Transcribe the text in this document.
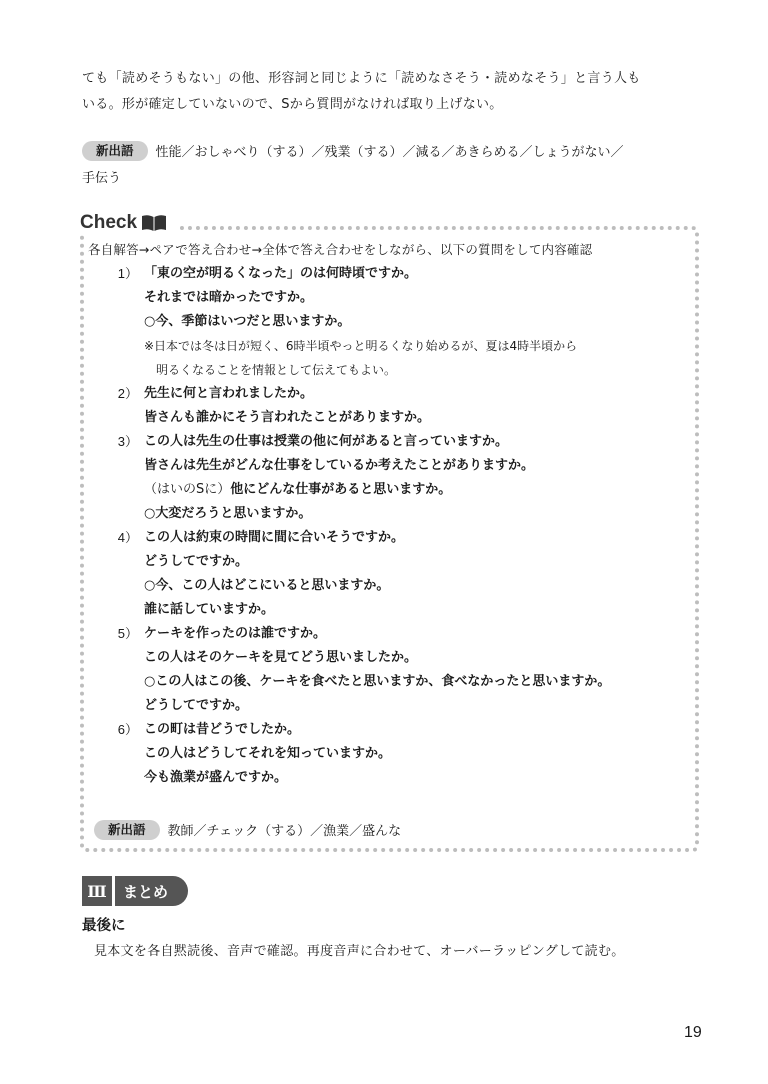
ても「読めそうもない」の他、形容詞と同じように「読めなさそう・読めなそう」と言う人も
いる。形が確定していないので、Sから質問がなければ取り上げない。
新出語 性能／おしゃべり（する）／残業（する）／減る／あきらめる／しょうがない／
手伝う
Check
各自解答→ペアで答え合わせ→全体で答え合わせをしながら、以下の質問をして内容確認
1） 「東の空が明るくなった」のは何時頃ですか。
それまでは暗かったですか。
○今、季節はいつだと思いますか。
※日本では冬は日が短く、6時半頃やっと明るくなり始めるが、夏は4時半頃から
明るくなることを情報として伝えてもよい。
2） 先生に何と言われましたか。
皆さんも誰かにそう言われたことがありますか。
3） この人は先生の仕事は授業の他に何があると言っていますか。
皆さんは先生がどんな仕事をしているか考えたことがありますか。
（はいのSに）他にどんな仕事があると思いますか。
○大変だろうと思いますか。
4） この人は約束の時間に間に合いそうですか。
どうしてですか。
○今、この人はどこにいると思いますか。
誰に話していますか。
5） ケーキを作ったのは誰ですか。
この人はそのケーキを見てどう思いましたか。
○この人はこの後、ケーキを食べたと思いますか、食べなかったと思いますか。
どうしてですか。
6） この町は昔どうでしたか。
この人はどうしてそれを知っていますか。
今も漁業が盛んですか。
新出語 教師／チェック（する）／漁業／盛んな
Ⅲ	まとめ
最後に
見本文を各自黙読後、音声で確認。再度音声に合わせて、オーバーラッピングして読む。
19
